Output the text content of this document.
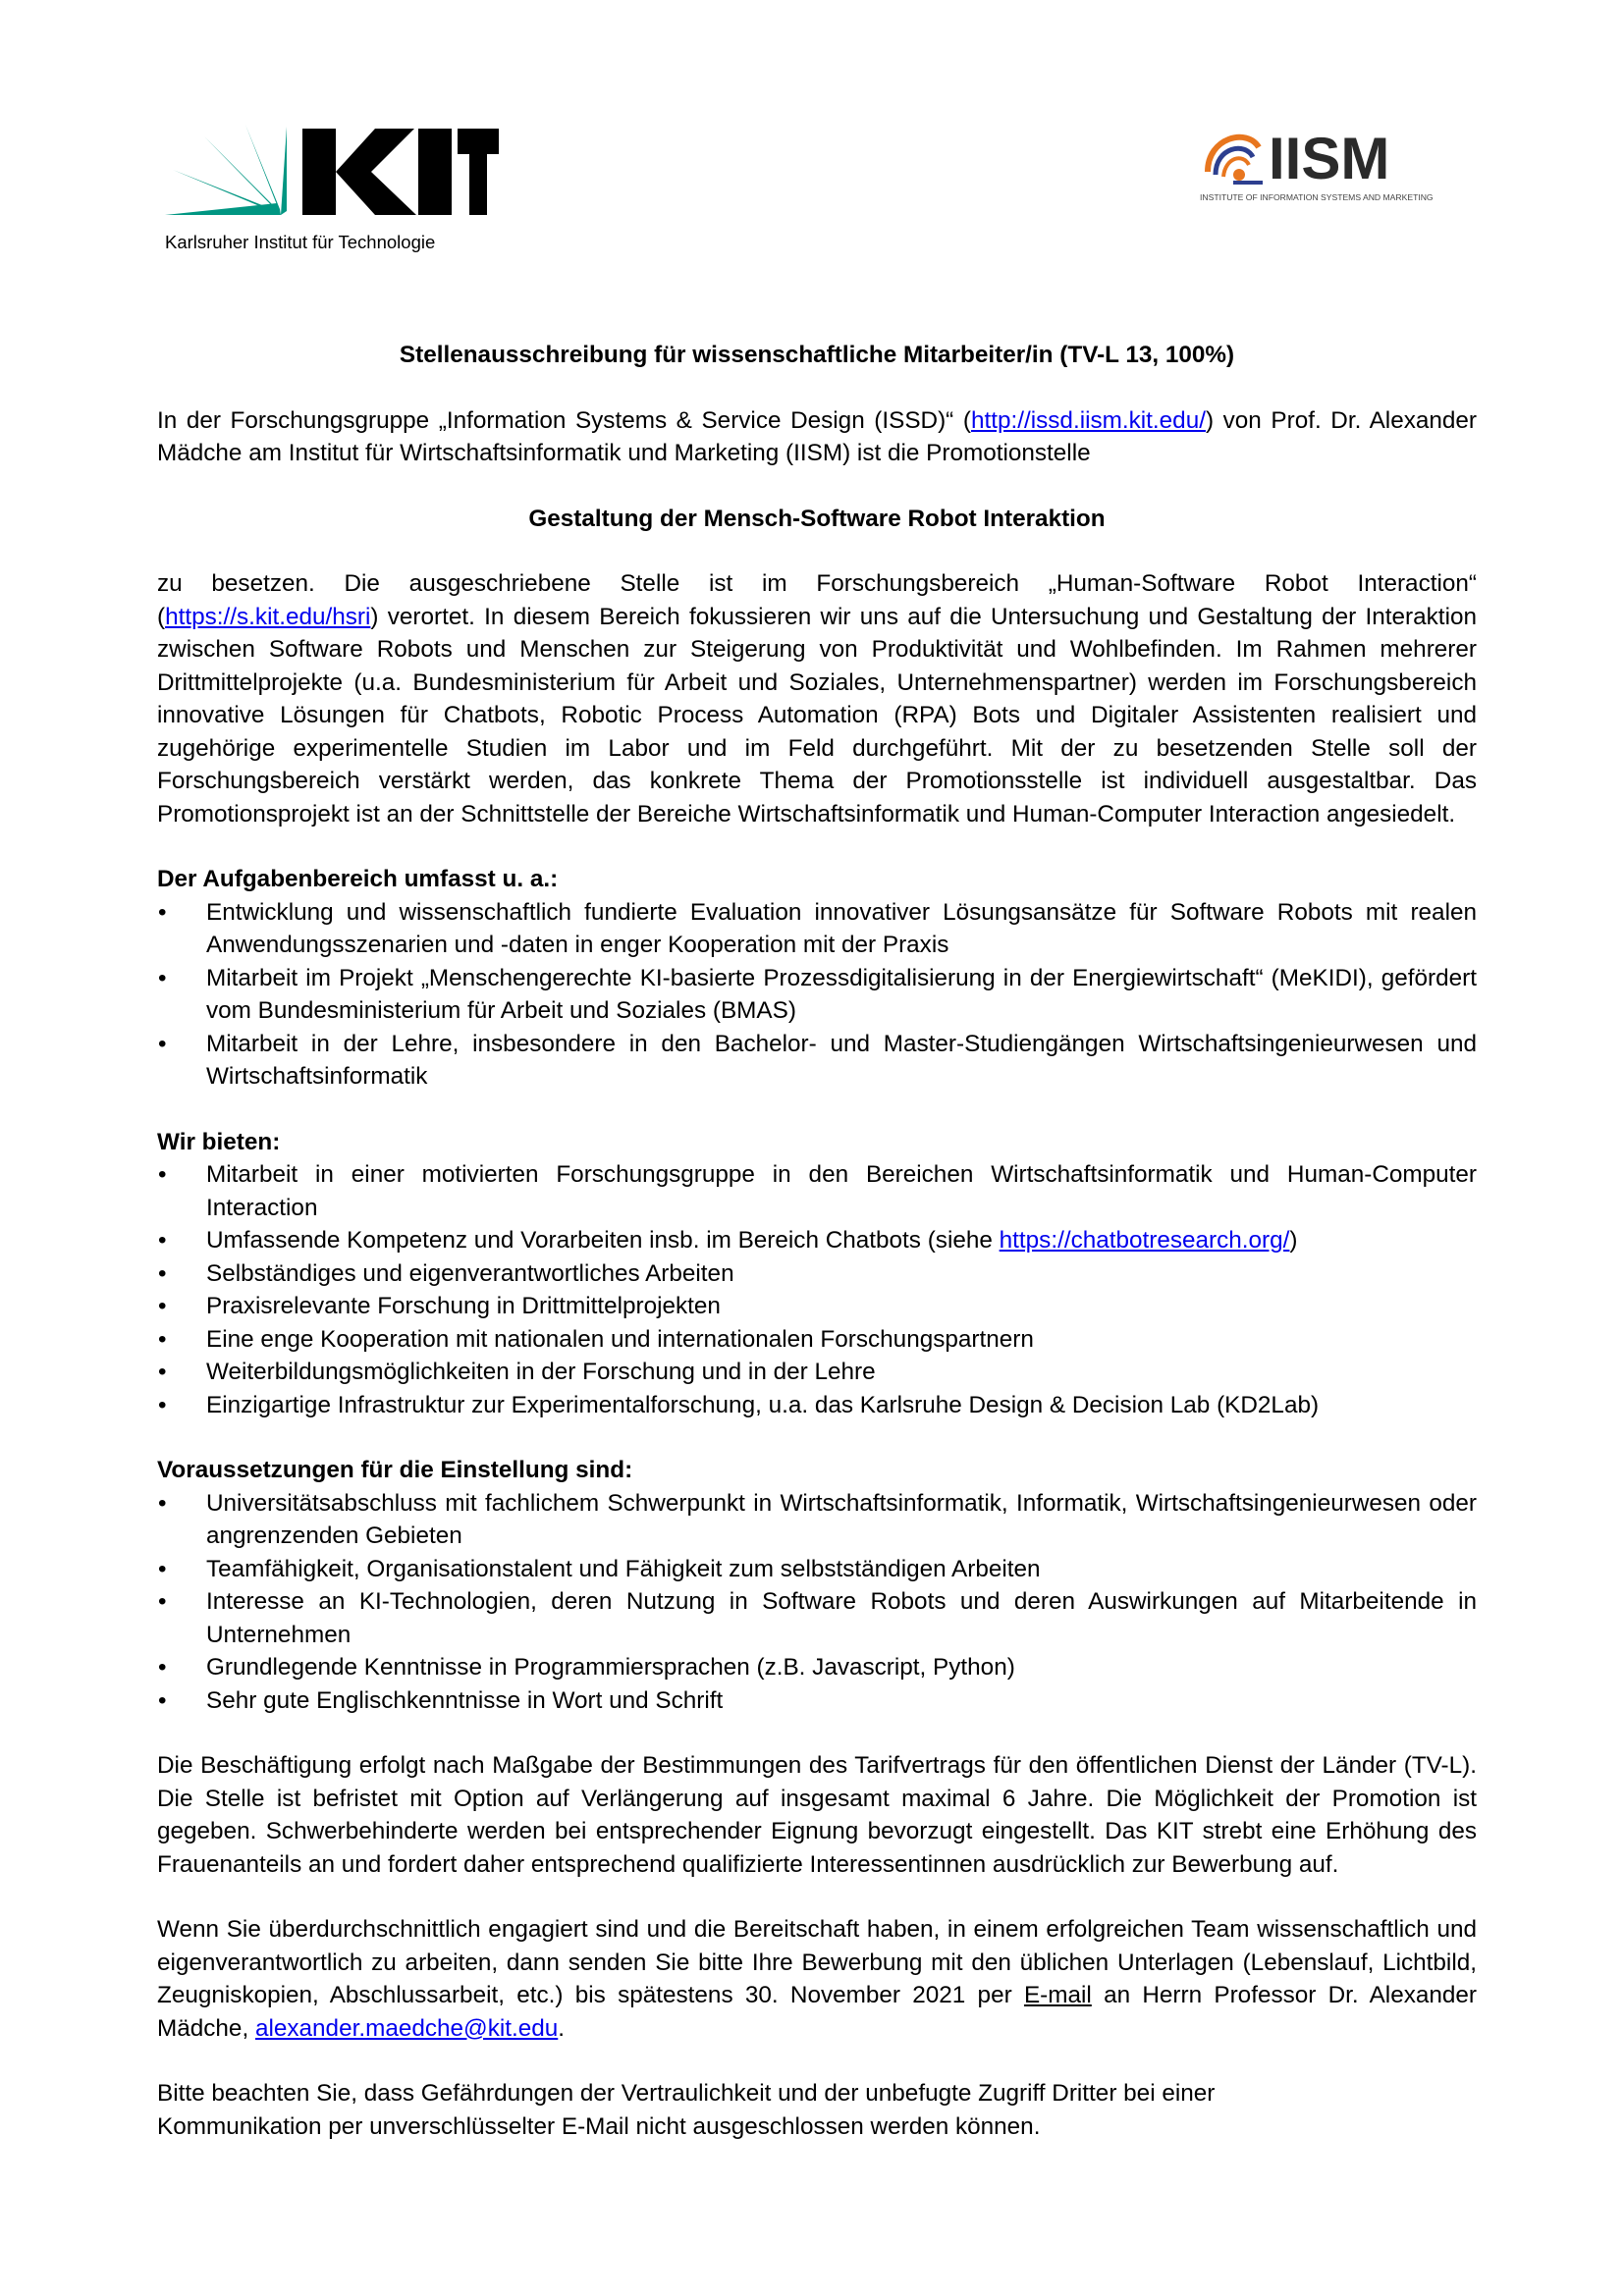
Karlsruher Institut für Technologie
IISM
INSTITUTE OF INFORMATION SYSTEMS AND MARKETING

Stellenausschreibung für wissenschaftliche Mitarbeiter/in (TV-L 13, 100%)

In der Forschungsgruppe „Information Systems & Service Design (ISSD)“ (http://issd.iism.kit.edu/) von Prof. Dr. Alexander Mädche am Institut für Wirtschaftsinformatik und Marketing (IISM) ist die Promotionstelle

Gestaltung der Mensch-Software Robot Interaktion

zu besetzen. Die ausgeschriebene Stelle ist im Forschungsbereich „Human-Software Robot Interaction“ (https://s.kit.edu/hsri) verortet. In diesem Bereich fokussieren wir uns auf die Untersuchung und Gestaltung der Interaktion zwischen Software Robots und Menschen zur Steigerung von Produktivität und Wohlbefinden. Im Rahmen mehrerer Drittmittelprojekte (u.a. Bundesministerium für Arbeit und Soziales, Unternehmenspartner) werden im Forschungsbereich innovative Lösungen für Chatbots, Robotic Process Automation (RPA) Bots und Digitaler Assistenten realisiert und zugehörige experimentelle Studien im Labor und im Feld durchgeführt. Mit der zu besetzenden Stelle soll der Forschungsbereich verstärkt werden, das konkrete Thema der Promotionsstelle ist individuell ausgestaltbar. Das Promotionsprojekt ist an der Schnittstelle der Bereiche Wirtschaftsinformatik und Human-Computer Interaction angesiedelt.

Der Aufgabenbereich umfasst u. a.:

• Entwicklung und wissenschaftlich fundierte Evaluation innovativer Lösungsansätze für Software Robots mit realen Anwendungsszenarien und -daten in enger Kooperation mit der Praxis
• Mitarbeit im Projekt „Menschengerechte KI-basierte Prozessdigitalisierung in der Energiewirtschaft“ (MeKIDI), gefördert vom Bundesministerium für Arbeit und Soziales (BMAS)
• Mitarbeit in der Lehre, insbesondere in den Bachelor- und Master-Studiengängen Wirtschaftsingenieurwesen und Wirtschaftsinformatik

Wir bieten:

• Mitarbeit in einer motivierten Forschungsgruppe in den Bereichen Wirtschaftsinformatik und Human-Computer Interaction
• Umfassende Kompetenz und Vorarbeiten insb. im Bereich Chatbots (siehe https://chatbotresearch.org/)
• Selbständiges und eigenverantwortliches Arbeiten
• Praxisrelevante Forschung in Drittmittelprojekten
• Eine enge Kooperation mit nationalen und internationalen Forschungspartnern
• Weiterbildungsmöglichkeiten in der Forschung und in der Lehre
• Einzigartige Infrastruktur zur Experimentalforschung, u.a. das Karlsruhe Design & Decision Lab (KD2Lab)

Voraussetzungen für die Einstellung sind:

• Universitätsabschluss mit fachlichem Schwerpunkt in Wirtschaftsinformatik, Informatik, Wirtschaftsingenieurwesen oder angrenzenden Gebieten
• Teamfähigkeit, Organisationstalent und Fähigkeit zum selbstständigen Arbeiten
• Interesse an KI-Technologien, deren Nutzung in Software Robots und deren Auswirkungen auf Mitarbeitende in Unternehmen
• Grundlegende Kenntnisse in Programmiersprachen (z.B. Javascript, Python)
• Sehr gute Englischkenntnisse in Wort und Schrift

Die Beschäftigung erfolgt nach Maßgabe der Bestimmungen des Tarifvertrags für den öffentlichen Dienst der Länder (TV-L). Die Stelle ist befristet mit Option auf Verlängerung auf insgesamt maximal 6 Jahre. Die Möglichkeit der Promotion ist gegeben. Schwerbehinderte werden bei entsprechender Eignung bevorzugt eingestellt. Das KIT strebt eine Erhöhung des Frauenanteils an und fordert daher entsprechend qualifizierte Interessentinnen ausdrücklich zur Bewerbung auf.

Wenn Sie überdurchschnittlich engagiert sind und die Bereitschaft haben, in einem erfolgreichen Team wissenschaftlich und eigenverantwortlich zu arbeiten, dann senden Sie bitte Ihre Bewerbung mit den üblichen Unterlagen (Lebenslauf, Lichtbild, Zeugniskopien, Abschlussarbeit, etc.) bis spätestens 30. November 2021 per E-mail an Herrn Professor Dr. Alexander Mädche, alexander.maedche@kit.edu.

Bitte beachten Sie, dass Gefährdungen der Vertraulichkeit und der unbefugte Zugriff Dritter bei einer
Kommunikation per unverschlüsselter E-Mail nicht ausgeschlossen werden können.
